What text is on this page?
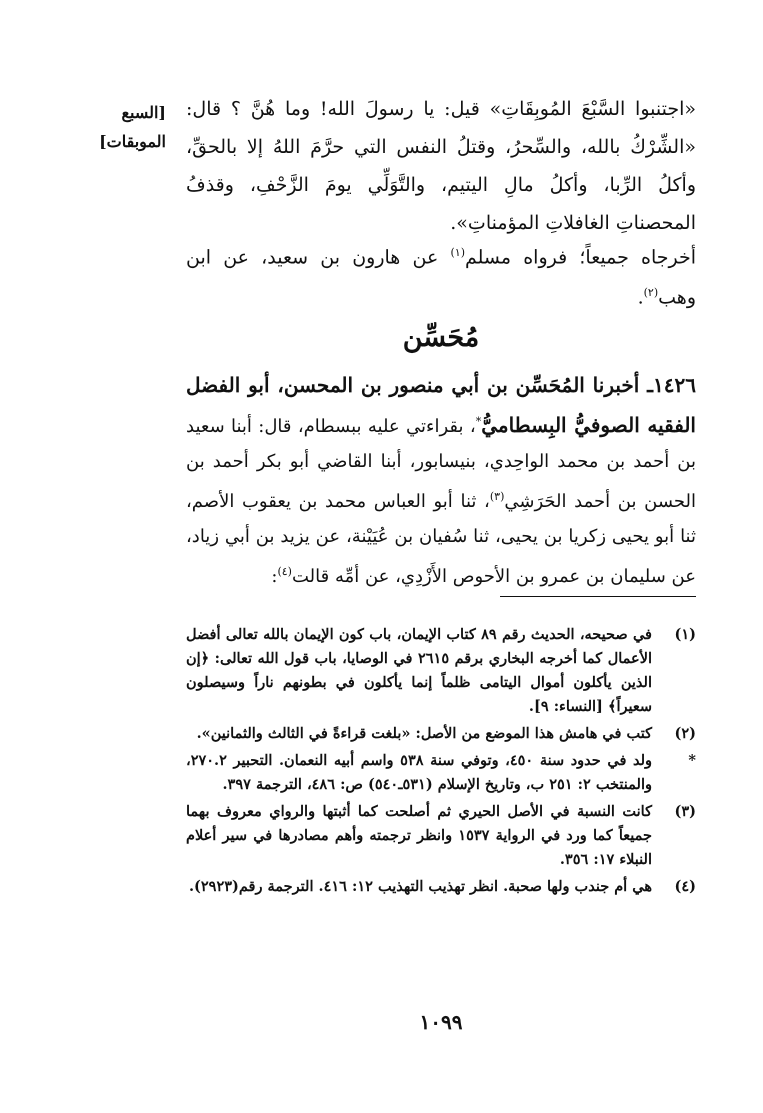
[السبع
الموبقات]
«اجتنبوا السَّبْعَ المُوبِقَاتِ» قيل: يا رسولَ الله! وما هُنَّ ؟ قال: «الشِّرْكُ بالله، والسِّحرُ، وقتلُ النفس التي حرَّمَ اللهُ إلا بالحقِّ، وأكلُ الرِّبا، وأكلُ مالِ اليتيم، والتَّوَلِّي يومَ الزَّحْفِ، وقذفُ المحصناتِ الغافلاتِ المؤمناتِ».
أخرجاه جميعاً؛ فرواه مسلم$^{(١)}$ عن هارون بن سعيد، عن ابن وهب$^{(٢)}$.
مُحَسِّن
١٤٢٦ـ أخبرنا المُحَسِّن بن أبي منصور بن المحسن، أبو الفضل الفقيه الصوفيُّ البِسطاميُّ*، بقراءتي عليه ببسطام، قال: أبنا سعيد بن أحمد بن محمد الواحِدي، بنيسابور، أبنا القاضي أبو بكر أحمد بن الحسن بن أحمد الحَرَشِي$^{(٣)}$، ثنا أبو العباس محمد بن يعقوب الأصم، ثنا أبو يحيى زكريا بن يحيى، ثنا سُفيان بن عُيَيْنة، عن يزيد بن أبي زياد، عن سليمان بن عمرو بن الأحوص الأَزْدِي، عن أمِّه قالت$^{(٤)}$:
(١)
في صحيحه، الحديث رقم ٨٩ كتاب الإيمان، باب كون الإيمان بالله تعالى أفضل الأعمال كما أخرجه البخاري برقم ٢٦١٥ في الوصايا، باب قول الله تعالى: ﴿إن الذين يأكلون أموال اليتامى ظلماً إنما يأكلون في بطونهم ناراً وسيصلون سعيراً﴾ [النساء: ٩].
(٢)
كتب في هامش هذا الموضع من الأصل: «بلغت قراءةً في الثالث والثمانين».
*
ولد في حدود سنة ٤٥٠، وتوفي سنة ٥٣٨ واسم أبيه النعمان. التحبير ٢٧٠.٢، والمنتخب ٢: ٢٥١ ب، وتاريخ الإسلام (٥٣١ـ٥٤٠) ص: ٤٨٦، الترجمة ٣٩٧.
(٣)
كانت النسبة في الأصل الحيري ثم أصلحت كما أثبتها والرواي معروف بهما جميعاً كما ورد في الرواية ١٥٣٧ وانظر ترجمته وأهم مصادرها في سير أعلام النبلاء ١٧: ٣٥٦.
(٤)
هي أم جندب ولها صحبة. انظر تهذيب التهذيب ١٢: ٤١٦. الترجمة رقم(٢٩٢٣).
١٠٩٩
